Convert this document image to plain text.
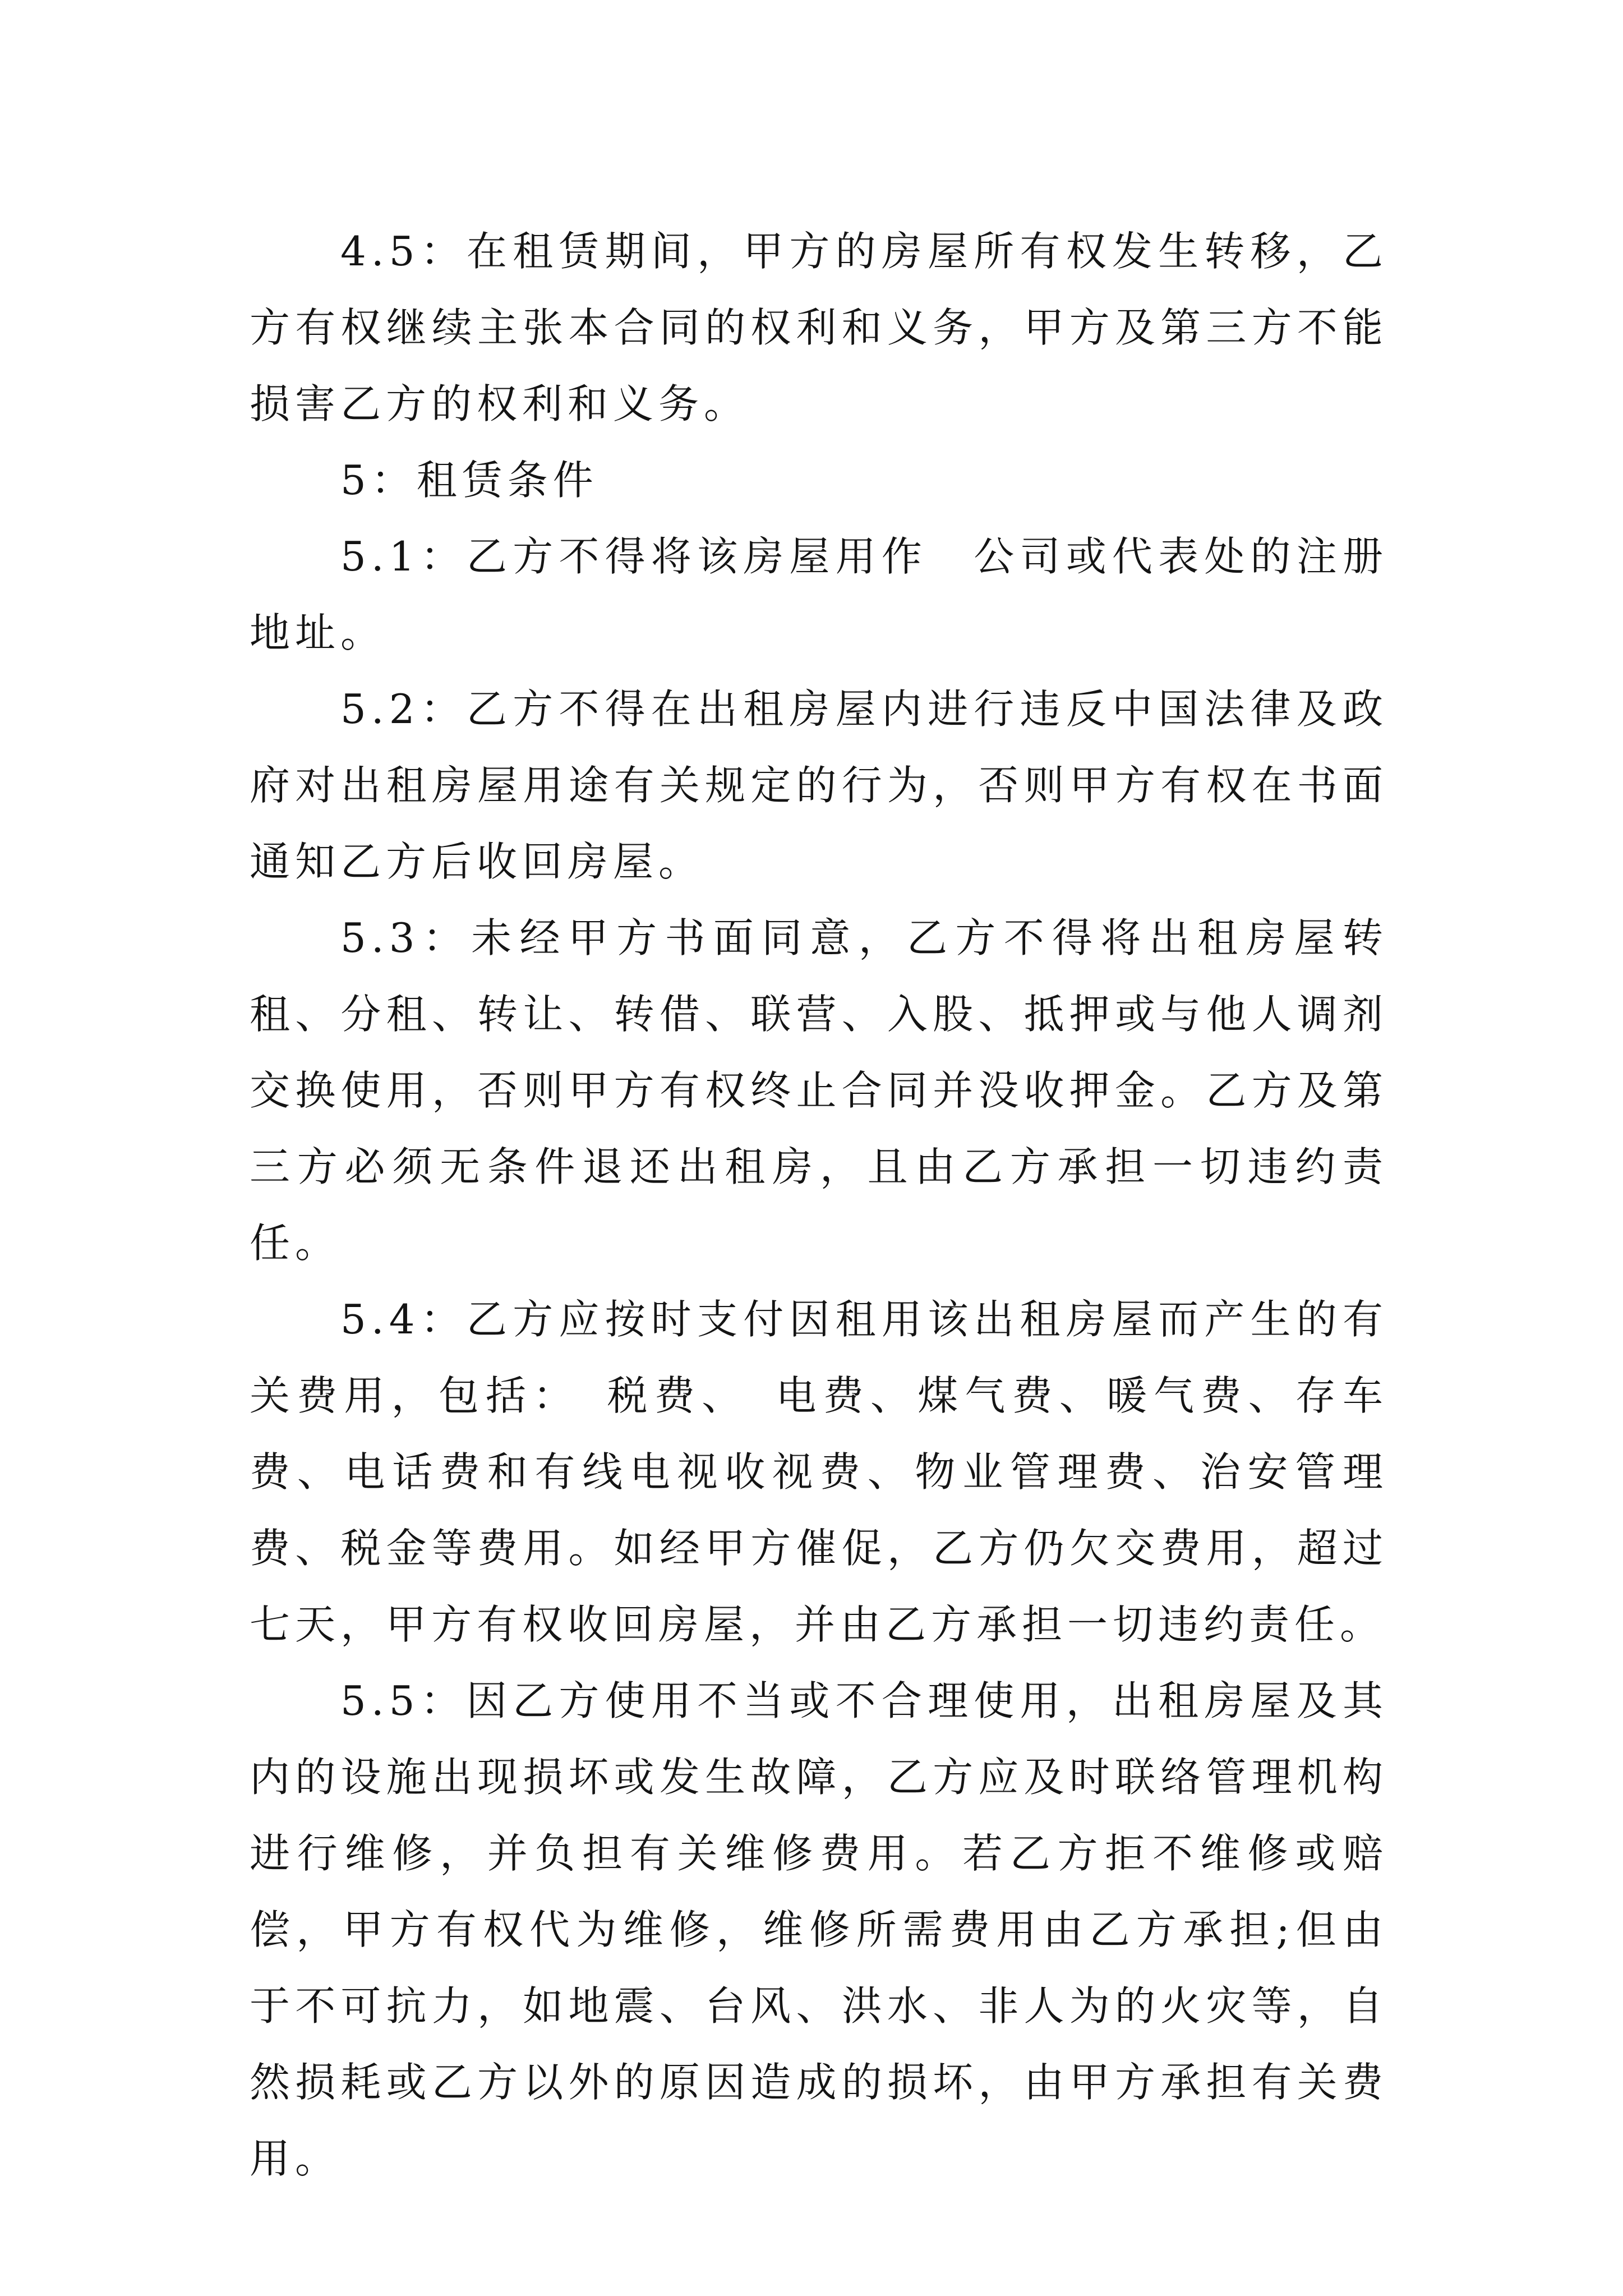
4.5：在租赁期间，甲方的房屋所有权发生转移，乙方有权继续主张本合同的权利和义务，甲方及第三方不能损害乙方的权利和义务。

5：租赁条件

5.1：乙方不得将该房屋用作　公司或代表处的注册地址。

5.2：乙方不得在出租房屋内进行违反中国法律及政府对出租房屋用途有关规定的行为，否则甲方有权在书面通知乙方后收回房屋。

5.3：未经甲方书面同意，乙方不得将出租房屋转租、分租、转让、转借、联营、入股、抵押或与他人调剂交换使用，否则甲方有权终止合同并没收押金。乙方及第三方必须无条件退还出租房，且由乙方承担一切违约责任。

5.4：乙方应按时支付因租用该出租房屋而产生的有关费用，包括：　税费、　电费、煤气费、暖气费、存车费、电话费和有线电视收视费、物业管理费、治安管理费、税金等费用。如经甲方催促，乙方仍欠交费用，超过七天，甲方有权收回房屋，并由乙方承担一切违约责任。

5.5：因乙方使用不当或不合理使用，出租房屋及其内的设施出现损坏或发生故障，乙方应及时联络管理机构进行维修，并负担有关维修费用。若乙方拒不维修或赔偿，甲方有权代为维修，维修所需费用由乙方承担;但由于不可抗力，如地震、台风、洪水、非人为的火灾等，自然损耗或乙方以外的原因造成的损坏，由甲方承担有关费用。
